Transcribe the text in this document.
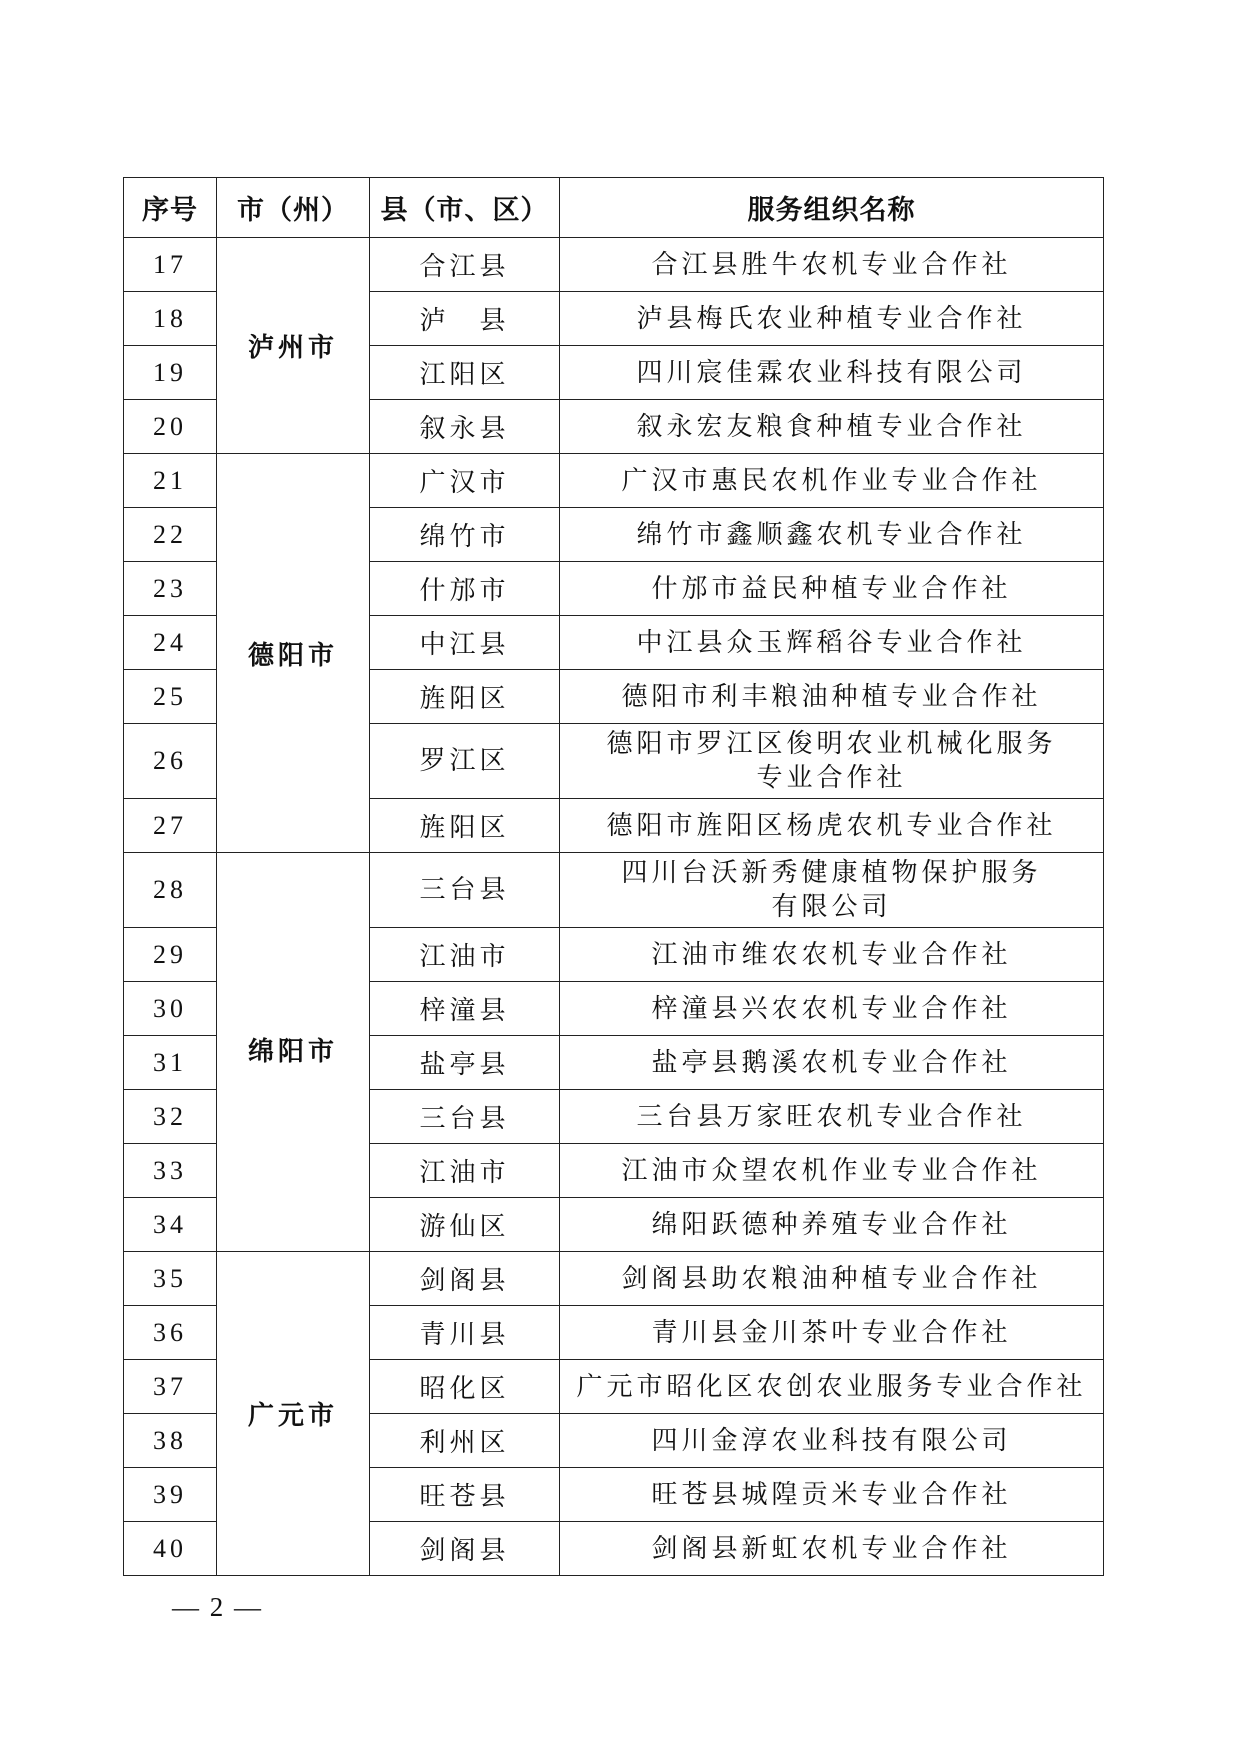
序号	市（州）	县（市、区）	服务组织名称
17	泸州市	合江县	合江县胜牛农机专业合作社

18		泸　县	泸县梅氏农业种植专业合作社

19		江阳区	四川宸佳霖农业科技有限公司

20		叙永县	叙永宏友粮食种植专业合作社

21	德阳市	广汉市	广汉市惠民农机作业专业合作社

22		绵竹市	绵竹市鑫顺鑫农机专业合作社

23		什邡市	什邡市益民种植专业合作社

24		中江县	中江县众玉辉稻谷专业合作社

25		旌阳区	德阳市利丰粮油种植专业合作社

26		罗江区	德阳市罗江区俊明农业机械化服务
专业合作社

27		旌阳区	德阳市旌阳区杨虎农机专业合作社

28	绵阳市	三台县	四川台沃新秀健康植物保护服务
有限公司

29		江油市	江油市维农农机专业合作社

30		梓潼县	梓潼县兴农农机专业合作社

31		盐亭县	盐亭县鹅溪农机专业合作社

32		三台县	三台县万家旺农机专业合作社

33		江油市	江油市众望农机作业专业合作社

34		游仙区	绵阳跃德种养殖专业合作社

35	广元市	剑阁县	剑阁县助农粮油种植专业合作社

36		青川县	青川县金川茶叶专业合作社

37		昭化区	广元市昭化区农创农业服务专业合作社

38		利州区	四川金淳农业科技有限公司

39		旺苍县	旺苍县城隍贡米专业合作社

40		剑阁县	剑阁县新虹农机专业合作社
— 2 —
